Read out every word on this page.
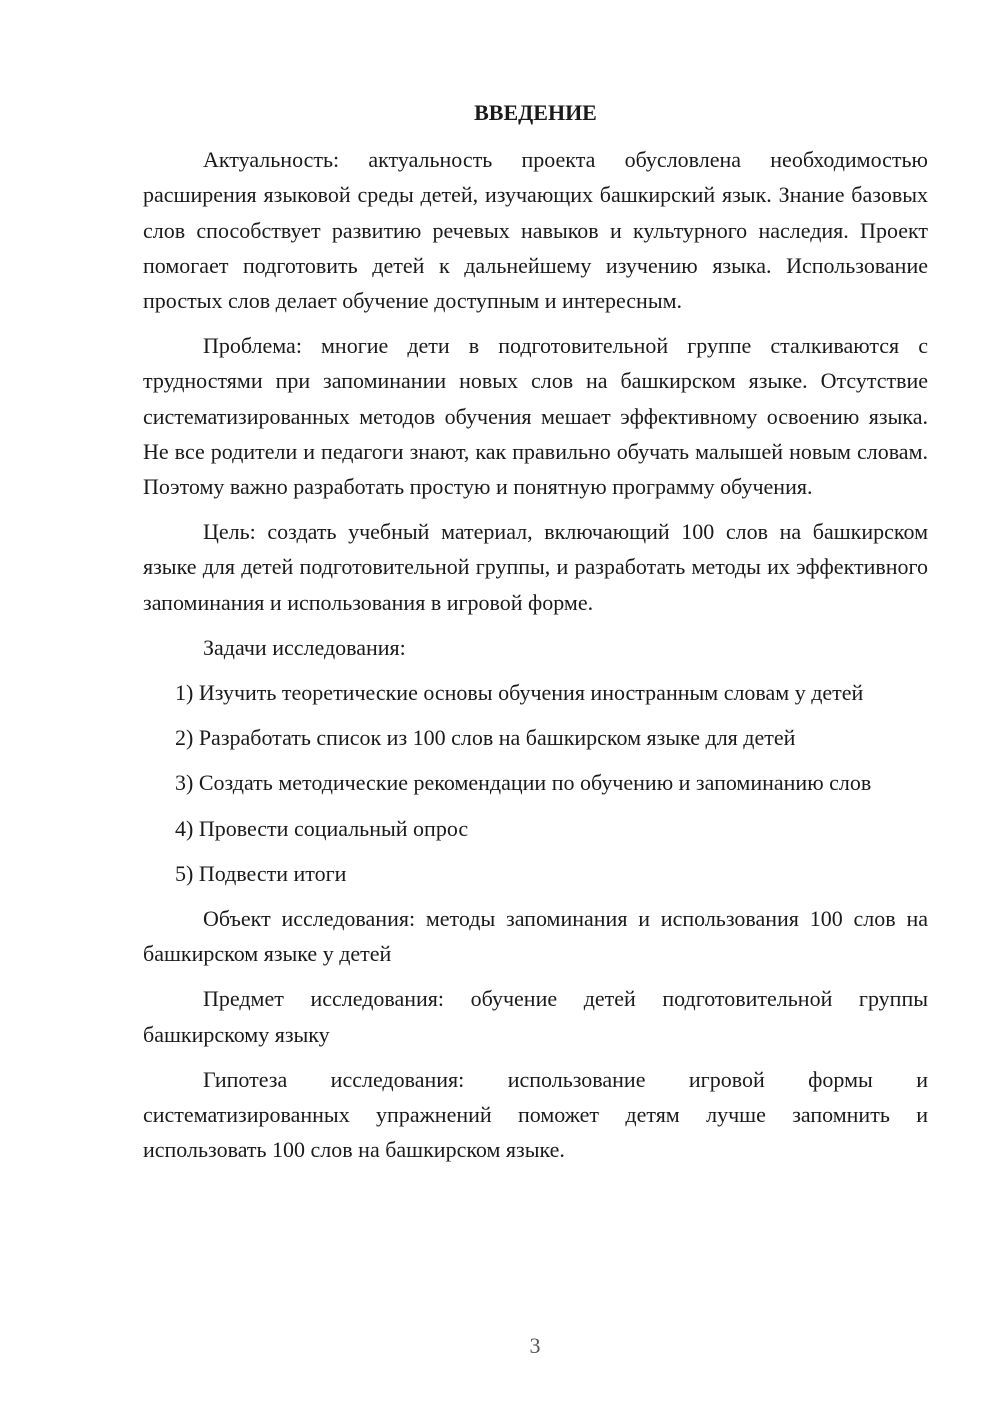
ВВЕДЕНИЕ

Актуальность: актуальность проекта обусловлена необходимостью расширения языковой среды детей, изучающих башкирский язык. Знание базовых слов способствует развитию речевых навыков и культурного наследия. Проект помогает подготовить детей к дальнейшему изучению языка. Использование простых слов делает обучение доступным и интересным.

Проблема: многие дети в подготовительной группе сталкиваются с трудностями при запоминании новых слов на башкирском языке. Отсутствие систематизированных методов обучения мешает эффективному освоению языка. Не все родители и педагоги знают, как правильно обучать малышей новым словам. Поэтому важно разработать простую и понятную программу обучения.

Цель: создать учебный материал, включающий 100 слов на башкирском языке для детей подготовительной группы, и разработать методы их эффективного запоминания и использования в игровой форме.

Задачи исследования:

1) Изучить теоретические основы обучения иностранным словам у детей

2) Разработать список из 100 слов на башкирском языке для детей

3) Создать методические рекомендации по обучению и запоминанию слов

4) Провести социальный опрос

5) Подвести итоги

Объект исследования: методы запоминания и использования 100 слов на башкирском языке у детей

Предмет исследования: обучение детей подготовительной группы башкирскому языку

Гипотеза исследования: использование игровой формы и систематизированных упражнений поможет детям лучше запомнить и использовать 100 слов на башкирском языке.

3
